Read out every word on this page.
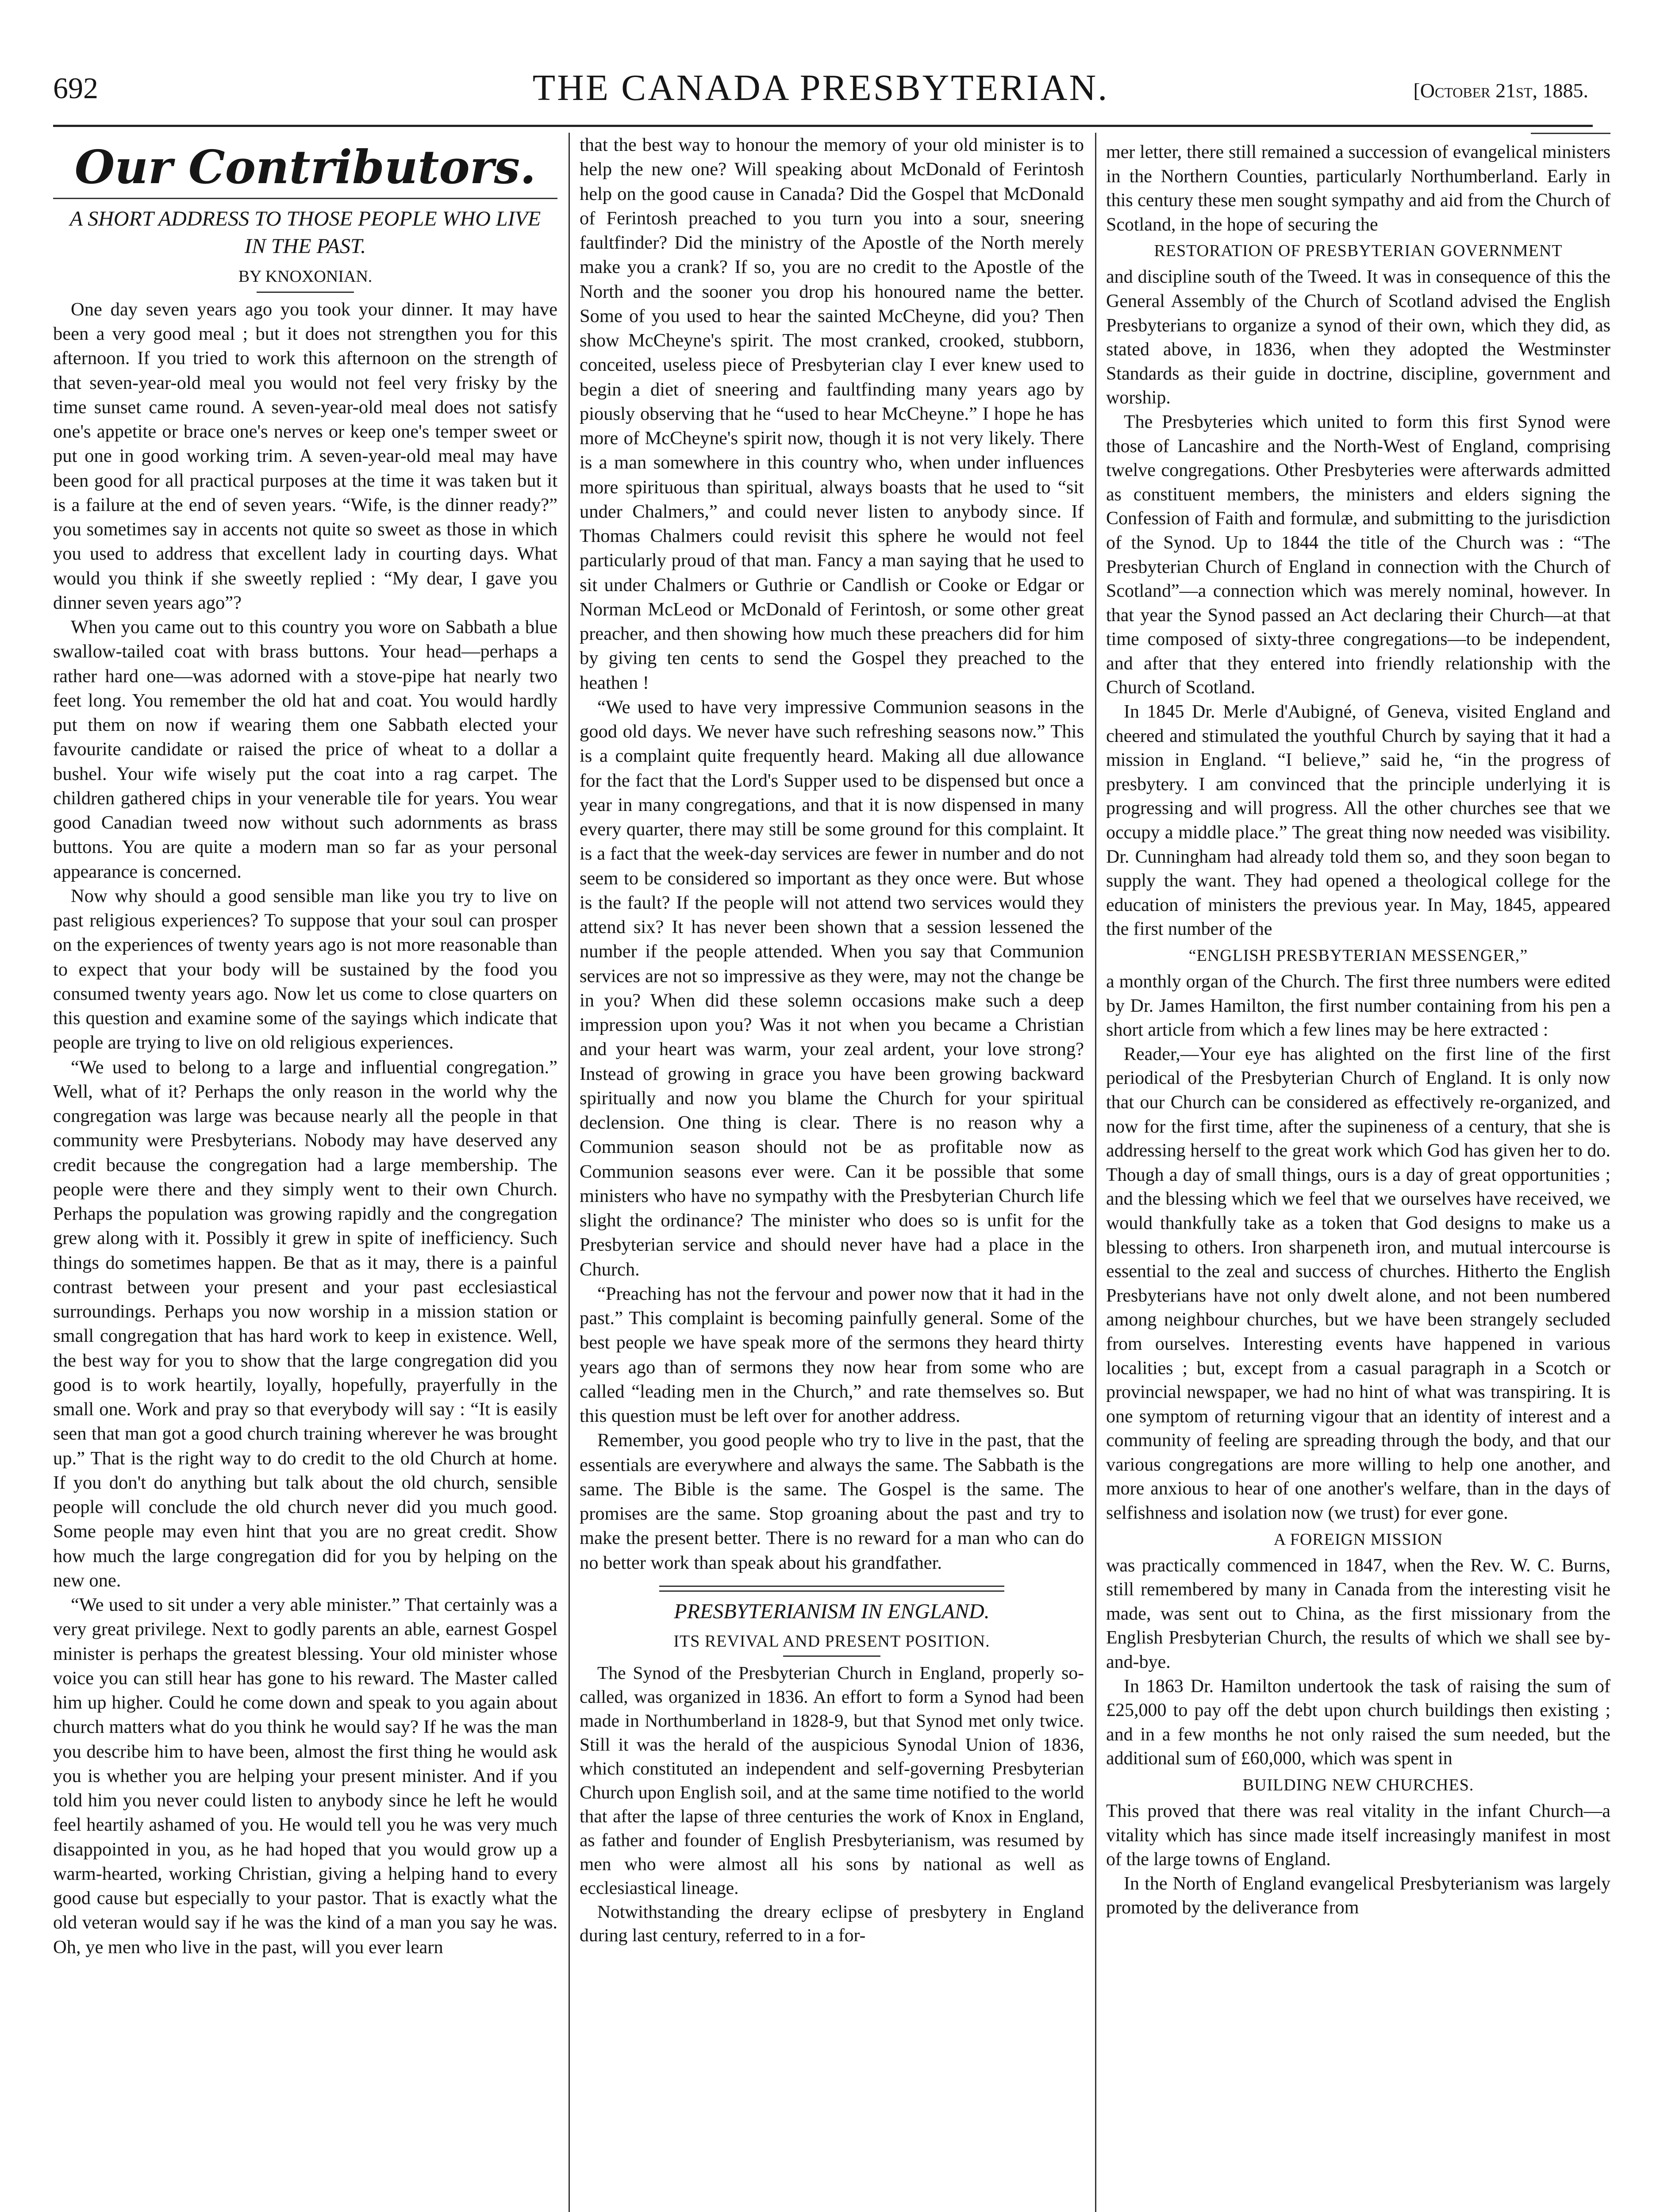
692	THE CANADA PRESBYTERIAN.	[October 21st, 1885.
Our Contributors.
A SHORT ADDRESS TO THOSE PEOPLE WHO LIVE IN THE PAST.
BY KNOXONIAN.

One day seven years ago you took your dinner. It may have been a very good meal ; but it does not strengthen you for this afternoon. If you tried to work this afternoon on the strength of that seven-year-old meal you would not feel very frisky by the time sunset came round. A seven-year-old meal does not satisfy one's appetite or brace one's nerves or keep one's temper sweet or put one in good working trim. A seven-year-old meal may have been good for all practical purposes at the time it was taken but it is a failure at the end of seven years. “Wife, is the dinner ready?” you sometimes say in accents not quite so sweet as those in which you used to address that excellent lady in courting days. What would you think if she sweetly replied : “My dear, I gave you dinner seven years ago”?

When you came out to this country you wore on Sabbath a blue swallow-tailed coat with brass buttons. Your head—perhaps a rather hard one—was adorned with a stove-pipe hat nearly two feet long. You remember the old hat and coat. You would hardly put them on now if wearing them one Sabbath elected your favourite candidate or raised the price of wheat to a dollar a bushel. Your wife wisely put the coat into a rag carpet. The children gathered chips in your venerable tile for years. You wear good Canadian tweed now without such adornments as brass buttons. You are quite a modern man so far as your personal appearance is concerned.

Now why should a good sensible man like you try to live on past religious experiences? To suppose that your soul can prosper on the experiences of twenty years ago is not more reasonable than to expect that your body will be sustained by the food you consumed twenty years ago. Now let us come to close quarters on this question and examine some of the sayings which indicate that people are trying to live on old religious experiences.

“We used to belong to a large and influential congregation.” Well, what of it? Perhaps the only reason in the world why the congregation was large was because nearly all the people in that community were Presbyterians. Nobody may have deserved any credit because the congregation had a large membership. The people were there and they simply went to their own Church. Perhaps the population was growing rapidly and the congregation grew along with it. Possibly it grew in spite of inefficiency. Such things do sometimes happen. Be that as it may, there is a painful contrast between your present and your past ecclesiastical surroundings. Perhaps you now worship in a mission station or small congregation that has hard work to keep in existence. Well, the best way for you to show that the large congregation did you good is to work heartily, loyally, hopefully, prayerfully in the small one. Work and pray so that everybody will say : “It is easily seen that man got a good church training wherever he was brought up.” That is the right way to do credit to the old Church at home. If you don't do anything but talk about the old church, sensible people will conclude the old church never did you much good. Some people may even hint that you are no great credit. Show how much the large congregation did for you by helping on the new one.

“We used to sit under a very able minister.” That certainly was a very great privilege. Next to godly parents an able, earnest Gospel minister is perhaps the greatest blessing. Your old minister whose voice you can still hear has gone to his reward. The Master called him up higher. Could he come down and speak to you again about church matters what do you think he would say? If he was the man you describe him to have been, almost the first thing he would ask you is whether you are helping your present minister. And if you told him you never could listen to anybody since he left he would feel heartily ashamed of you. He would tell you he was very much disappointed in you, as he had hoped that you would grow up a warm-hearted, working Christian, giving a helping hand to every good cause but especially to your pastor. That is exactly what the old veteran would say if he was the kind of a man you say he was. Oh, ye men who live in the past, will you ever learn

that the best way to honour the memory of your old minister is to help the new one? Will speaking about McDonald of Ferintosh help on the good cause in Canada? Did the Gospel that McDonald of Ferintosh preached to you turn you into a sour, sneering faultfinder? Did the ministry of the Apostle of the North merely make you a crank? If so, you are no credit to the Apostle of the North and the sooner you drop his honoured name the better. Some of you used to hear the sainted McCheyne, did you? Then show McCheyne's spirit. The most cranked, crooked, stubborn, conceited, useless piece of Presbyterian clay I ever knew used to begin a diet of sneering and faultfinding many years ago by piously observing that he “used to hear McCheyne.” I hope he has more of McCheyne's spirit now, though it is not very likely. There is a man somewhere in this country who, when under influences more spirituous than spiritual, always boasts that he used to “sit under Chalmers,” and could never listen to anybody since. If Thomas Chalmers could revisit this sphere he would not feel particularly proud of that man. Fancy a man saying that he used to sit under Chalmers or Guthrie or Candlish or Cooke or Edgar or Norman McLeod or McDonald of Ferintosh, or some other great preacher, and then showing how much these preachers did for him by giving ten cents to send the Gospel they preached to the heathen !

“We used to have very impressive Communion seasons in the good old days. We never have such refreshing seasons now.” This is a complaint quite frequently heard. Making all due allowance for the fact that the Lord's Supper used to be dispensed but once a year in many congregations, and that it is now dispensed in many every quarter, there may still be some ground for this complaint. It is a fact that the week-day services are fewer in number and do not seem to be considered so important as they once were. But whose is the fault? If the people will not attend two services would they attend six? It has never been shown that a session lessened the number if the people attended. When you say that Communion services are not so impressive as they were, may not the change be in you? When did these solemn occasions make such a deep impression upon you? Was it not when you became a Christian and your heart was warm, your zeal ardent, your love strong? Instead of growing in grace you have been growing backward spiritually and now you blame the Church for your spiritual declension. One thing is clear. There is no reason why a Communion season should not be as profitable now as Communion seasons ever were. Can it be possible that some ministers who have no sympathy with the Presbyterian Church life slight the ordinance? The minister who does so is unfit for the Presbyterian service and should never have had a place in the Church.

“Preaching has not the fervour and power now that it had in the past.” This complaint is becoming painfully general. Some of the best people we have speak more of the sermons they heard thirty years ago than of sermons they now hear from some who are called “leading men in the Church,” and rate themselves so. But this question must be left over for another address.

Remember, you good people who try to live in the past, that the essentials are everywhere and always the same. The Sabbath is the same. The Bible is the same. The Gospel is the same. The promises are the same. Stop groaning about the past and try to make the present better. There is no reward for a man who can do no better work than speak about his grandfather.

PRESBYTERIANISM IN ENGLAND.
ITS REVIVAL AND PRESENT POSITION.

The Synod of the Presbyterian Church in England, properly so-called, was organized in 1836. An effort to form a Synod had been made in Northumberland in 1828-9, but that Synod met only twice. Still it was the herald of the auspicious Synodal Union of 1836, which constituted an independent and self-governing Presbyterian Church upon English soil, and at the same time notified to the world that after the lapse of three centuries the work of Knox in England, as father and founder of English Presbyterianism, was resumed by men who were almost all his sons by national as well as ecclesiastical lineage.

Notwithstanding the dreary eclipse of presbytery in England during last century, referred to in a for-

mer letter, there still remained a succession of evangelical ministers in the Northern Counties, particularly Northumberland. Early in this century these men sought sympathy and aid from the Church of Scotland, in the hope of securing the

RESTORATION OF PRESBYTERIAN GOVERNMENT

and discipline south of the Tweed. It was in consequence of this the General Assembly of the Church of Scotland advised the English Presbyterians to organize a synod of their own, which they did, as stated above, in 1836, when they adopted the Westminster Standards as their guide in doctrine, discipline, government and worship.

The Presbyteries which united to form this first Synod were those of Lancashire and the North-West of England, comprising twelve congregations. Other Presbyteries were afterwards admitted as constituent members, the ministers and elders signing the Confession of Faith and formulæ, and submitting to the jurisdiction of the Synod. Up to 1844 the title of the Church was : “The Presbyterian Church of England in connection with the Church of Scotland”—a connection which was merely nominal, however. In that year the Synod passed an Act declaring their Church—at that time composed of sixty-three congregations—to be independent, and after that they entered into friendly relationship with the Church of Scotland.

In 1845 Dr. Merle d'Aubigné, of Geneva, visited England and cheered and stimulated the youthful Church by saying that it had a mission in England. “I believe,” said he, “in the progress of presbytery. I am convinced that the principle underlying it is progressing and will progress. All the other churches see that we occupy a middle place.” The great thing now needed was visibility. Dr. Cunningham had already told them so, and they soon began to supply the want. They had opened a theological college for the education of ministers the previous year. In May, 1845, appeared the first number of the

“ENGLISH PRESBYTERIAN MESSENGER,”

a monthly organ of the Church. The first three numbers were edited by Dr. James Hamilton, the first number containing from his pen a short article from which a few lines may be here extracted :

Reader,—Your eye has alighted on the first line of the first periodical of the Presbyterian Church of England. It is only now that our Church can be considered as effectively re-organized, and now for the first time, after the supineness of a century, that she is addressing herself to the great work which God has given her to do. Though a day of small things, ours is a day of great opportunities ; and the blessing which we feel that we ourselves have received, we would thankfully take as a token that God designs to make us a blessing to others. Iron sharpeneth iron, and mutual intercourse is essential to the zeal and success of churches. Hitherto the English Presbyterians have not only dwelt alone, and not been numbered among neighbour churches, but we have been strangely secluded from ourselves. Interesting events have happened in various localities ; but, except from a casual paragraph in a Scotch or provincial newspaper, we had no hint of what was transpiring. It is one symptom of returning vigour that an identity of interest and a community of feeling are spreading through the body, and that our various congregations are more willing to help one another, and more anxious to hear of one another's welfare, than in the days of selfishness and isolation now (we trust) for ever gone.

A FOREIGN MISSION

was practically commenced in 1847, when the Rev. W. C. Burns, still remembered by many in Canada from the interesting visit he made, was sent out to China, as the first missionary from the English Presbyterian Church, the results of which we shall see by-and-bye.

In 1863 Dr. Hamilton undertook the task of raising the sum of £25,000 to pay off the debt upon church buildings then existing ; and in a few months he not only raised the sum needed, but the additional sum of £60,000, which was spent in

BUILDING NEW CHURCHES.

This proved that there was real vitality in the infant Church—a vitality which has since made itself increasingly manifest in most of the large towns of England.

In the North of England evangelical Presbyterianism was largely promoted by the deliverance from
